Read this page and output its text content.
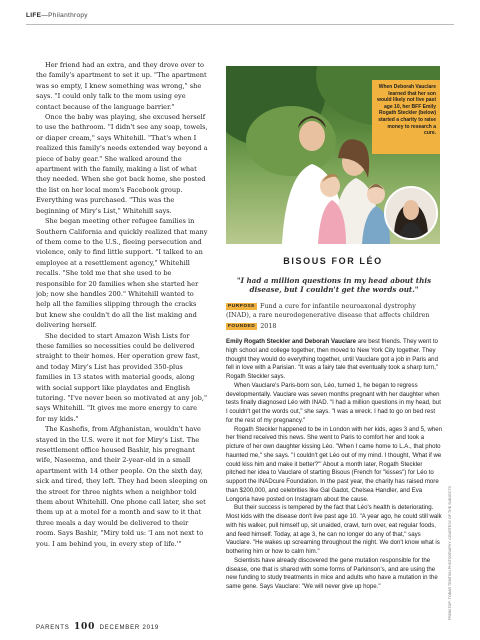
LIFE—Philanthropy

Her friend had an extra, and they drove over to the family's apartment to set it up. "The apartment was so empty, I knew something was wrong," she says. "I could only talk to the mom using eye contact because of the language barrier."

Once the baby was playing, she excused herself to use the bathroom. "I didn't see any soap, towels, or diaper cream," says Whitehill. "That's when I realized this family's needs extended way beyond a piece of baby gear." She walked around the apartment with the family, making a list of what they needed. When she got back home, she posted the list on her local mom's Facebook group. Everything was purchased. "This was the beginning of Miry's List," Whitehill says.

She began meeting other refugee families in Southern California and quickly realized that many of them come to the U.S., fleeing persecution and violence, only to find little support. "I talked to an employee at a resettlement agency," Whitehill recalls. "She told me that she used to be responsible for 20 families when she started her job; now she handles 200." Whitehill wanted to help all the families slipping through the cracks but knew she couldn't do all the list making and delivering herself.

She decided to start Amazon Wish Lists for these families so necessities could be delivered straight to their homes. Her operation grew fast, and today Miry's List has provided 350-plus families in 13 states with material goods, along with social support like playdates and English tutoring. "I've never been so motivated at any job," says Whitehill. "It gives me more energy to care for my kids."

The Kashefis, from Afghanistan, wouldn't have stayed in the U.S. were it not for Miry's List. The resettlement office housed Bashir, his pregnant wife, Naseema, and their 2-year-old in a small apartment with 14 other people. On the sixth day, sick and tired, they left. They had been sleeping on the street for three nights when a neighbor told them about Whitehill. One phone call later, she set them up at a motel for a month and saw to it that three meals a day would be delivered to their room. Says Bashir, "Miry told us: 'I am not next to you. I am behind you, in every step of life.'"

When Deborah Vauclare learned that her son would likely not live past age 10, her BFF Emily Rogath Steckler (below) started a charity to raise money to research a cure.
BISOUS FOR LÉO
"I had a million questions in my head about this disease, but I couldn't get the words out."
PURPOSE Fund a cure for infantile neuroaxonal dystrophy (INAD), a rare neurodegenerative disease that affects children
FOUNDED 2018

Emily Rogath Steckler and Deborah Vauclare are best friends. They went to high school and college together, then moved to New York City together. They thought they would do everything together, until Vauclare got a job in Paris and fell in love with a Parisian. "It was a fairy tale that eventually took a sharp turn," Rogath Steckler says.

When Vauclare's Paris-born son, Léo, turned 1, he began to regress developmentally. Vauclare was seven months pregnant with her daughter when tests finally diagnosed Léo with INAD. "I had a million questions in my head, but I couldn't get the words out," she says. "I was a wreck. I had to go on bed rest for the rest of my pregnancy."

Rogath Steckler happened to be in London with her kids, ages 3 and 5, when her friend received this news. She went to Paris to comfort her and took a picture of her own daughter kissing Léo. "When I came home to L.A., that photo haunted me," she says. "I couldn't get Léo out of my mind. I thought, 'What if we could kiss him and make it better?'" About a month later, Rogath Steckler pitched her idea to Vauclare of starting Bisous (French for "kisses") for Léo to support the INADcure Foundation. In the past year, the charity has raised more than $200,000, and celebrities like Gal Gadot, Chelsea Handler, and Eva Longoria have posted on Instagram about the cause.

But their success is tempered by the fact that Léo's health is deteriorating. Most kids with the disease don't live past age 10. "A year ago, he could still walk with his walker, pull himself up, sit unaided, crawl, turn over, eat regular foods, and feed himself. Today, at age 3, he can no longer do any of that," says Vauclare. "He wakes up screaming throughout the night. We don't know what is bothering him or how to calm him."

Scientists have already discovered the gene mutation responsible for the disease, one that is shared with some forms of Parkinson's, and are using the new funding to study treatments in mice and adults who have a mutation in the same gene. Says Vauclare: "We will never give up hope."	FROM TOP: TOBAR TEMTSIN PHOTOGRAPHY. COURTESY OF THE SUBJECTS
PARENTS 100 DECEMBER 2019
